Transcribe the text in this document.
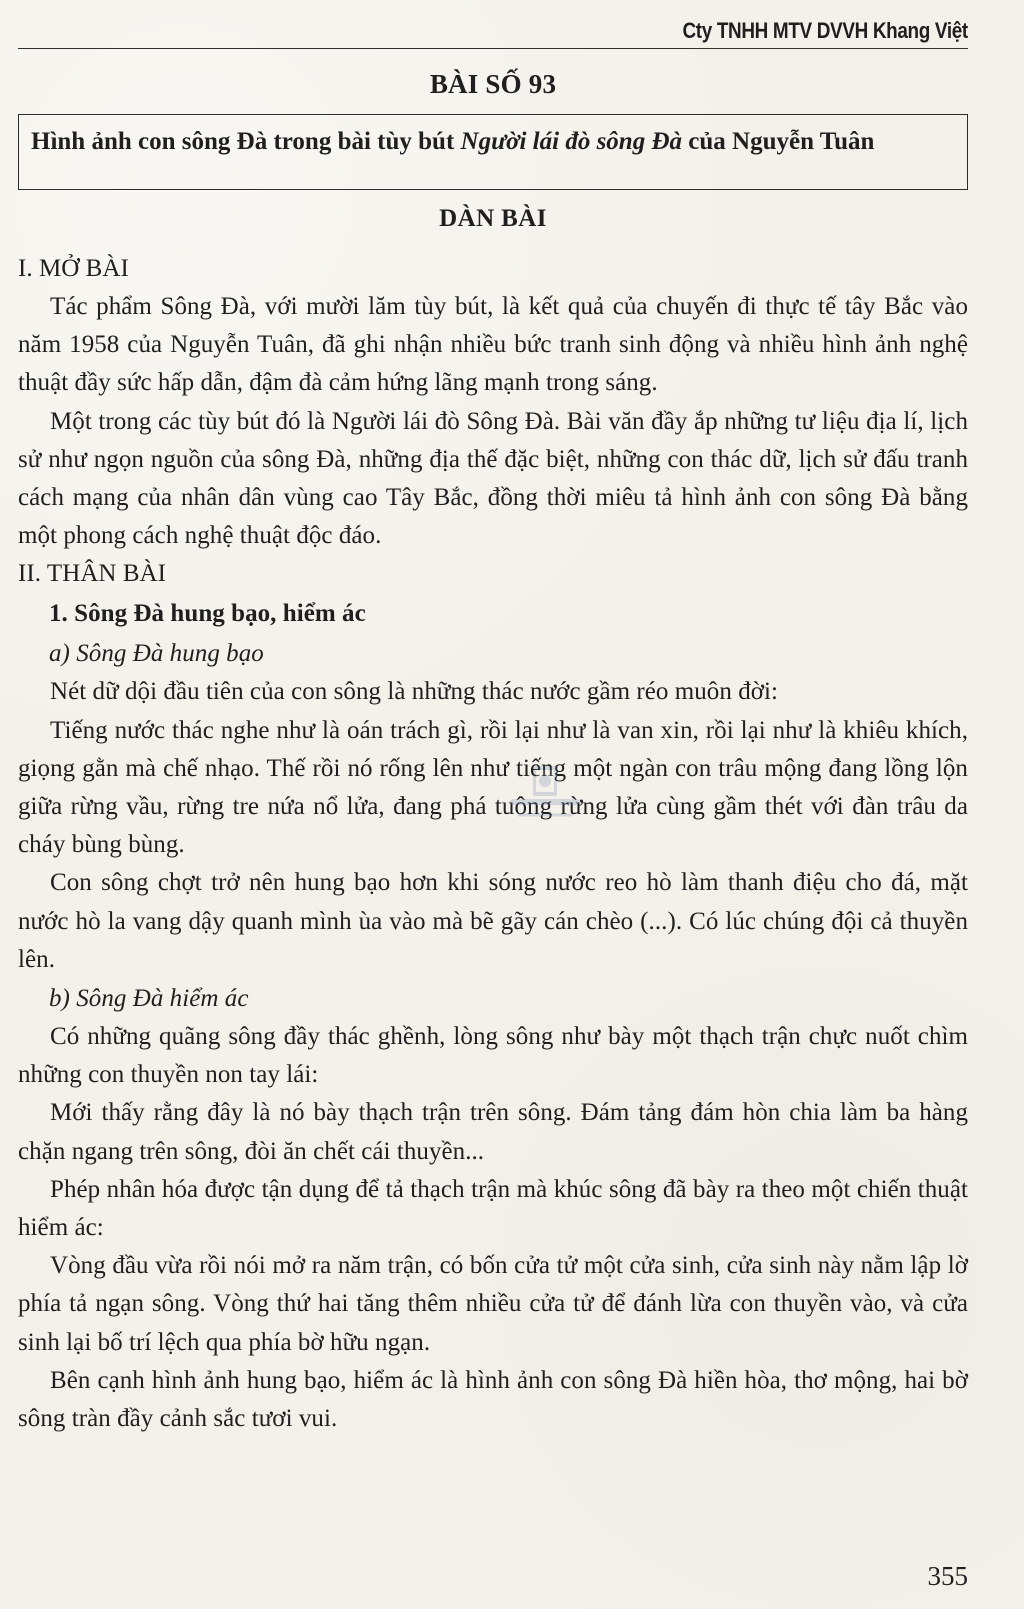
Cty TNHH MTV DVVH Khang Việt
BÀI SỐ 93
Hình ảnh con sông Đà trong bài tùy bút Người lái đò sông Đà của Nguyễn Tuân
DÀN BÀI

I. MỞ BÀI

Tác phẩm Sông Đà, với mười lăm tùy bút, là kết quả của chuyến đi thực tế tây Bắc vào năm 1958 của Nguyễn Tuân, đã ghi nhận nhiều bức tranh sinh động và nhiều hình ảnh nghệ thuật đầy sức hấp dẫn, đậm đà cảm hứng lãng mạnh trong sáng.

Một trong các tùy bút đó là Người lái đò Sông Đà. Bài văn đầy ắp những tư liệu địa lí, lịch sử như ngọn nguồn của sông Đà, những địa thế đặc biệt, những con thác dữ, lịch sử đấu tranh cách mạng của nhân dân vùng cao Tây Bắc, đồng thời miêu tả hình ảnh con sông Đà bằng một phong cách nghệ thuật độc đáo.

II. THÂN BÀI

1. Sông Đà hung bạo, hiểm ác

a) Sông Đà hung bạo

Nét dữ dội đầu tiên của con sông là những thác nước gầm réo muôn đời:

Tiếng nước thác nghe như là oán trách gì, rồi lại như là van xin, rồi lại như là khiêu khích, giọng gằn mà chế nhạo. Thế rồi nó rống lên như tiếng một ngàn con trâu mộng đang lồng lộn giữa rừng vầu, rừng tre nứa nổ lửa, đang phá tuông rừng lửa cùng gầm thét với đàn trâu da cháy bùng bùng.

Con sông chợt trở nên hung bạo hơn khi sóng nước reo hò làm thanh điệu cho đá, mặt nước hò la vang dậy quanh mình ùa vào mà bẽ gãy cán chèo (...). Có lúc chúng đội cả thuyền lên.

b) Sông Đà hiểm ác

Có những quãng sông đầy thác ghềnh, lòng sông như bày một thạch trận chực nuốt chìm những con thuyền non tay lái:

Mới thấy rằng đây là nó bày thạch trận trên sông. Đám tảng đám hòn chia làm ba hàng chặn ngang trên sông, đòi ăn chết cái thuyền...

Phép nhân hóa được tận dụng để tả thạch trận mà khúc sông đã bày ra theo một chiến thuật hiểm ác:

Vòng đầu vừa rồi nói mở ra năm trận, có bốn cửa tử một cửa sinh, cửa sinh này nằm lập lờ phía tả ngạn sông. Vòng thứ hai tăng thêm nhiều cửa tử để đánh lừa con thuyền vào, và cửa sinh lại bố trí lệch qua phía bờ hữu ngạn.

Bên cạnh hình ảnh hung bạo, hiểm ác là hình ảnh con sông Đà hiền hòa, thơ mộng, hai bờ sông tràn đầy cảnh sắc tươi vui.

355
